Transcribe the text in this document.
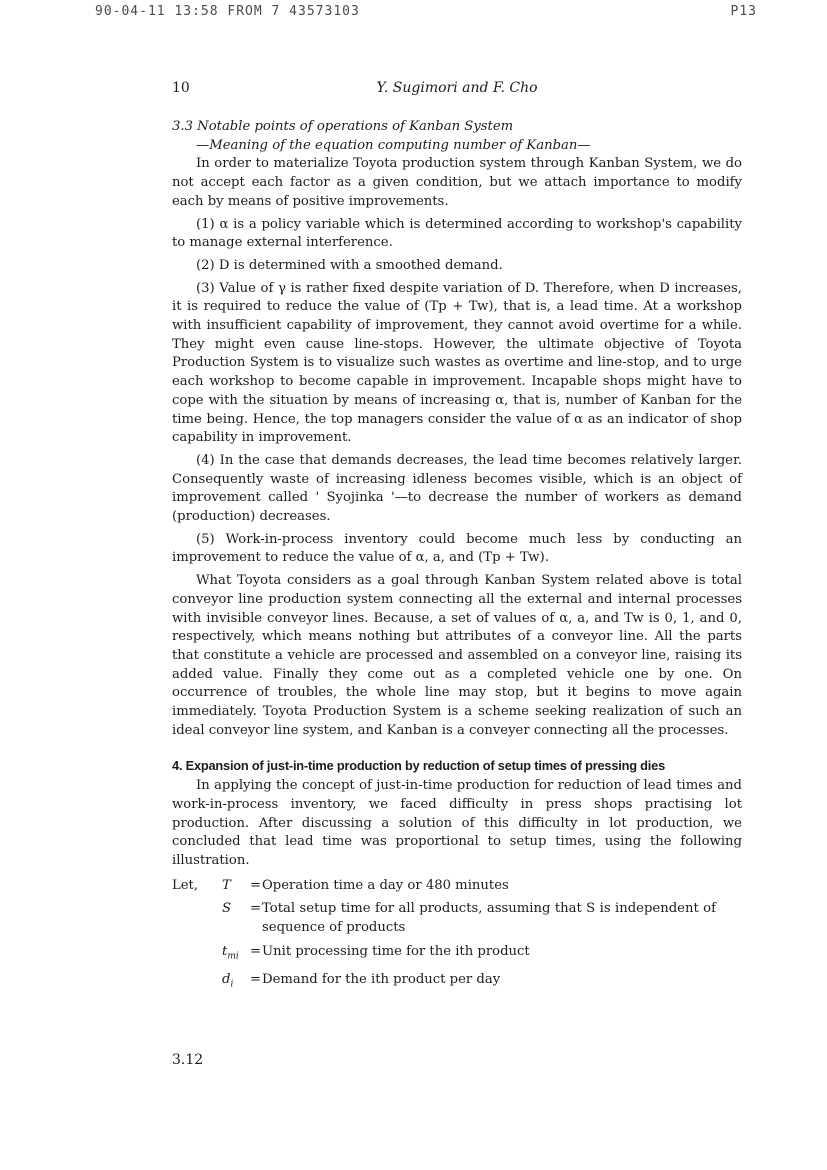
90-04-11 13:58 FROM 7 43573103	P13
10	Y. Sugimori and F. Cho
3.3 Notable points of operations of Kanban System
—Meaning of the equation computing number of Kanban—

In order to materialize Toyota production system through Kanban System, we do not accept each factor as a given condition, but we attach importance to modify each by means of positive improvements.

(1) α is a policy variable which is determined according to workshop's capability to manage external interference.

(2) D is determined with a smoothed demand.

(3) Value of γ is rather fixed despite variation of D. Therefore, when D increases, it is required to reduce the value of (Tp + Tw), that is, a lead time. At a workshop with insufficient capability of improvement, they cannot avoid overtime for a while. They might even cause line-stops. However, the ultimate objective of Toyota Production System is to visualize such wastes as overtime and line-stop, and to urge each workshop to become capable in improvement. Incapable shops might have to cope with the situation by means of increasing α, that is, number of Kanban for the time being. Hence, the top managers consider the value of α as an indicator of shop capability in improvement.

(4) In the case that demands decreases, the lead time becomes relatively larger. Consequently waste of increasing idleness becomes visible, which is an object of improvement called ' Syojinka '—to decrease the number of workers as demand (production) decreases.

(5) Work-in-process inventory could become much less by conducting an improvement to reduce the value of α, a, and (Tp + Tw).

What Toyota considers as a goal through Kanban System related above is total conveyor line production system connecting all the external and internal processes with invisible conveyor lines. Because, a set of values of α, a, and Tw is 0, 1, and 0, respectively, which means nothing but attributes of a conveyor line. All the parts that constitute a vehicle are processed and assembled on a conveyor line, raising its added value. Finally they come out as a completed vehicle one by one. On occurrence of troubles, the whole line may stop, but it begins to move again immediately. Toyota Production System is a scheme seeking realization of such an ideal conveyor line system, and Kanban is a conveyer connecting all the processes.

4. Expansion of just-in-time production by reduction of setup times of pressing dies

In applying the concept of just-in-time production for reduction of lead times and work-in-process inventory, we faced difficulty in press shops practising lot production. After discussing a solution of this difficulty in lot production, we concluded that lead time was proportional to setup times, using the following illustration.

Let,	T	=	Operation time a day or 480 minutes
	S	=	Total setup time for all products, assuming that S is independent of sequence of products
	$t_{mi}$	=	Unit processing time for the ith product
	$d_i$	=	Demand for the ith product per day
3.12
